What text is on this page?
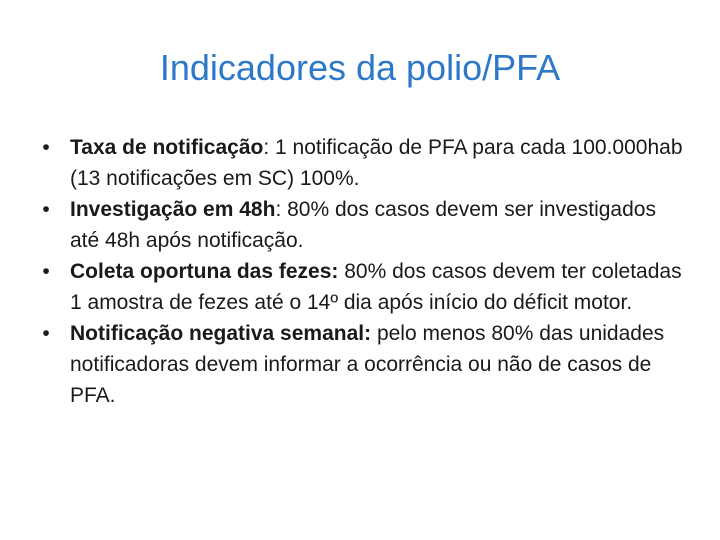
Indicadores da polio/PFA
• Taxa de notificação: 1 notificação de PFA para cada 100.000hab (13 notificações em SC) 100%.
• Investigação em 48h: 80% dos casos devem ser investigados até 48h após notificação.
• Coleta oportuna das fezes: 80% dos casos devem ter coletadas 1 amostra de fezes até o 14º dia após início do déficit motor.
• Notificação negativa semanal: pelo menos 80% das unidades notificadoras devem informar a ocorrência ou não de casos de PFA.
